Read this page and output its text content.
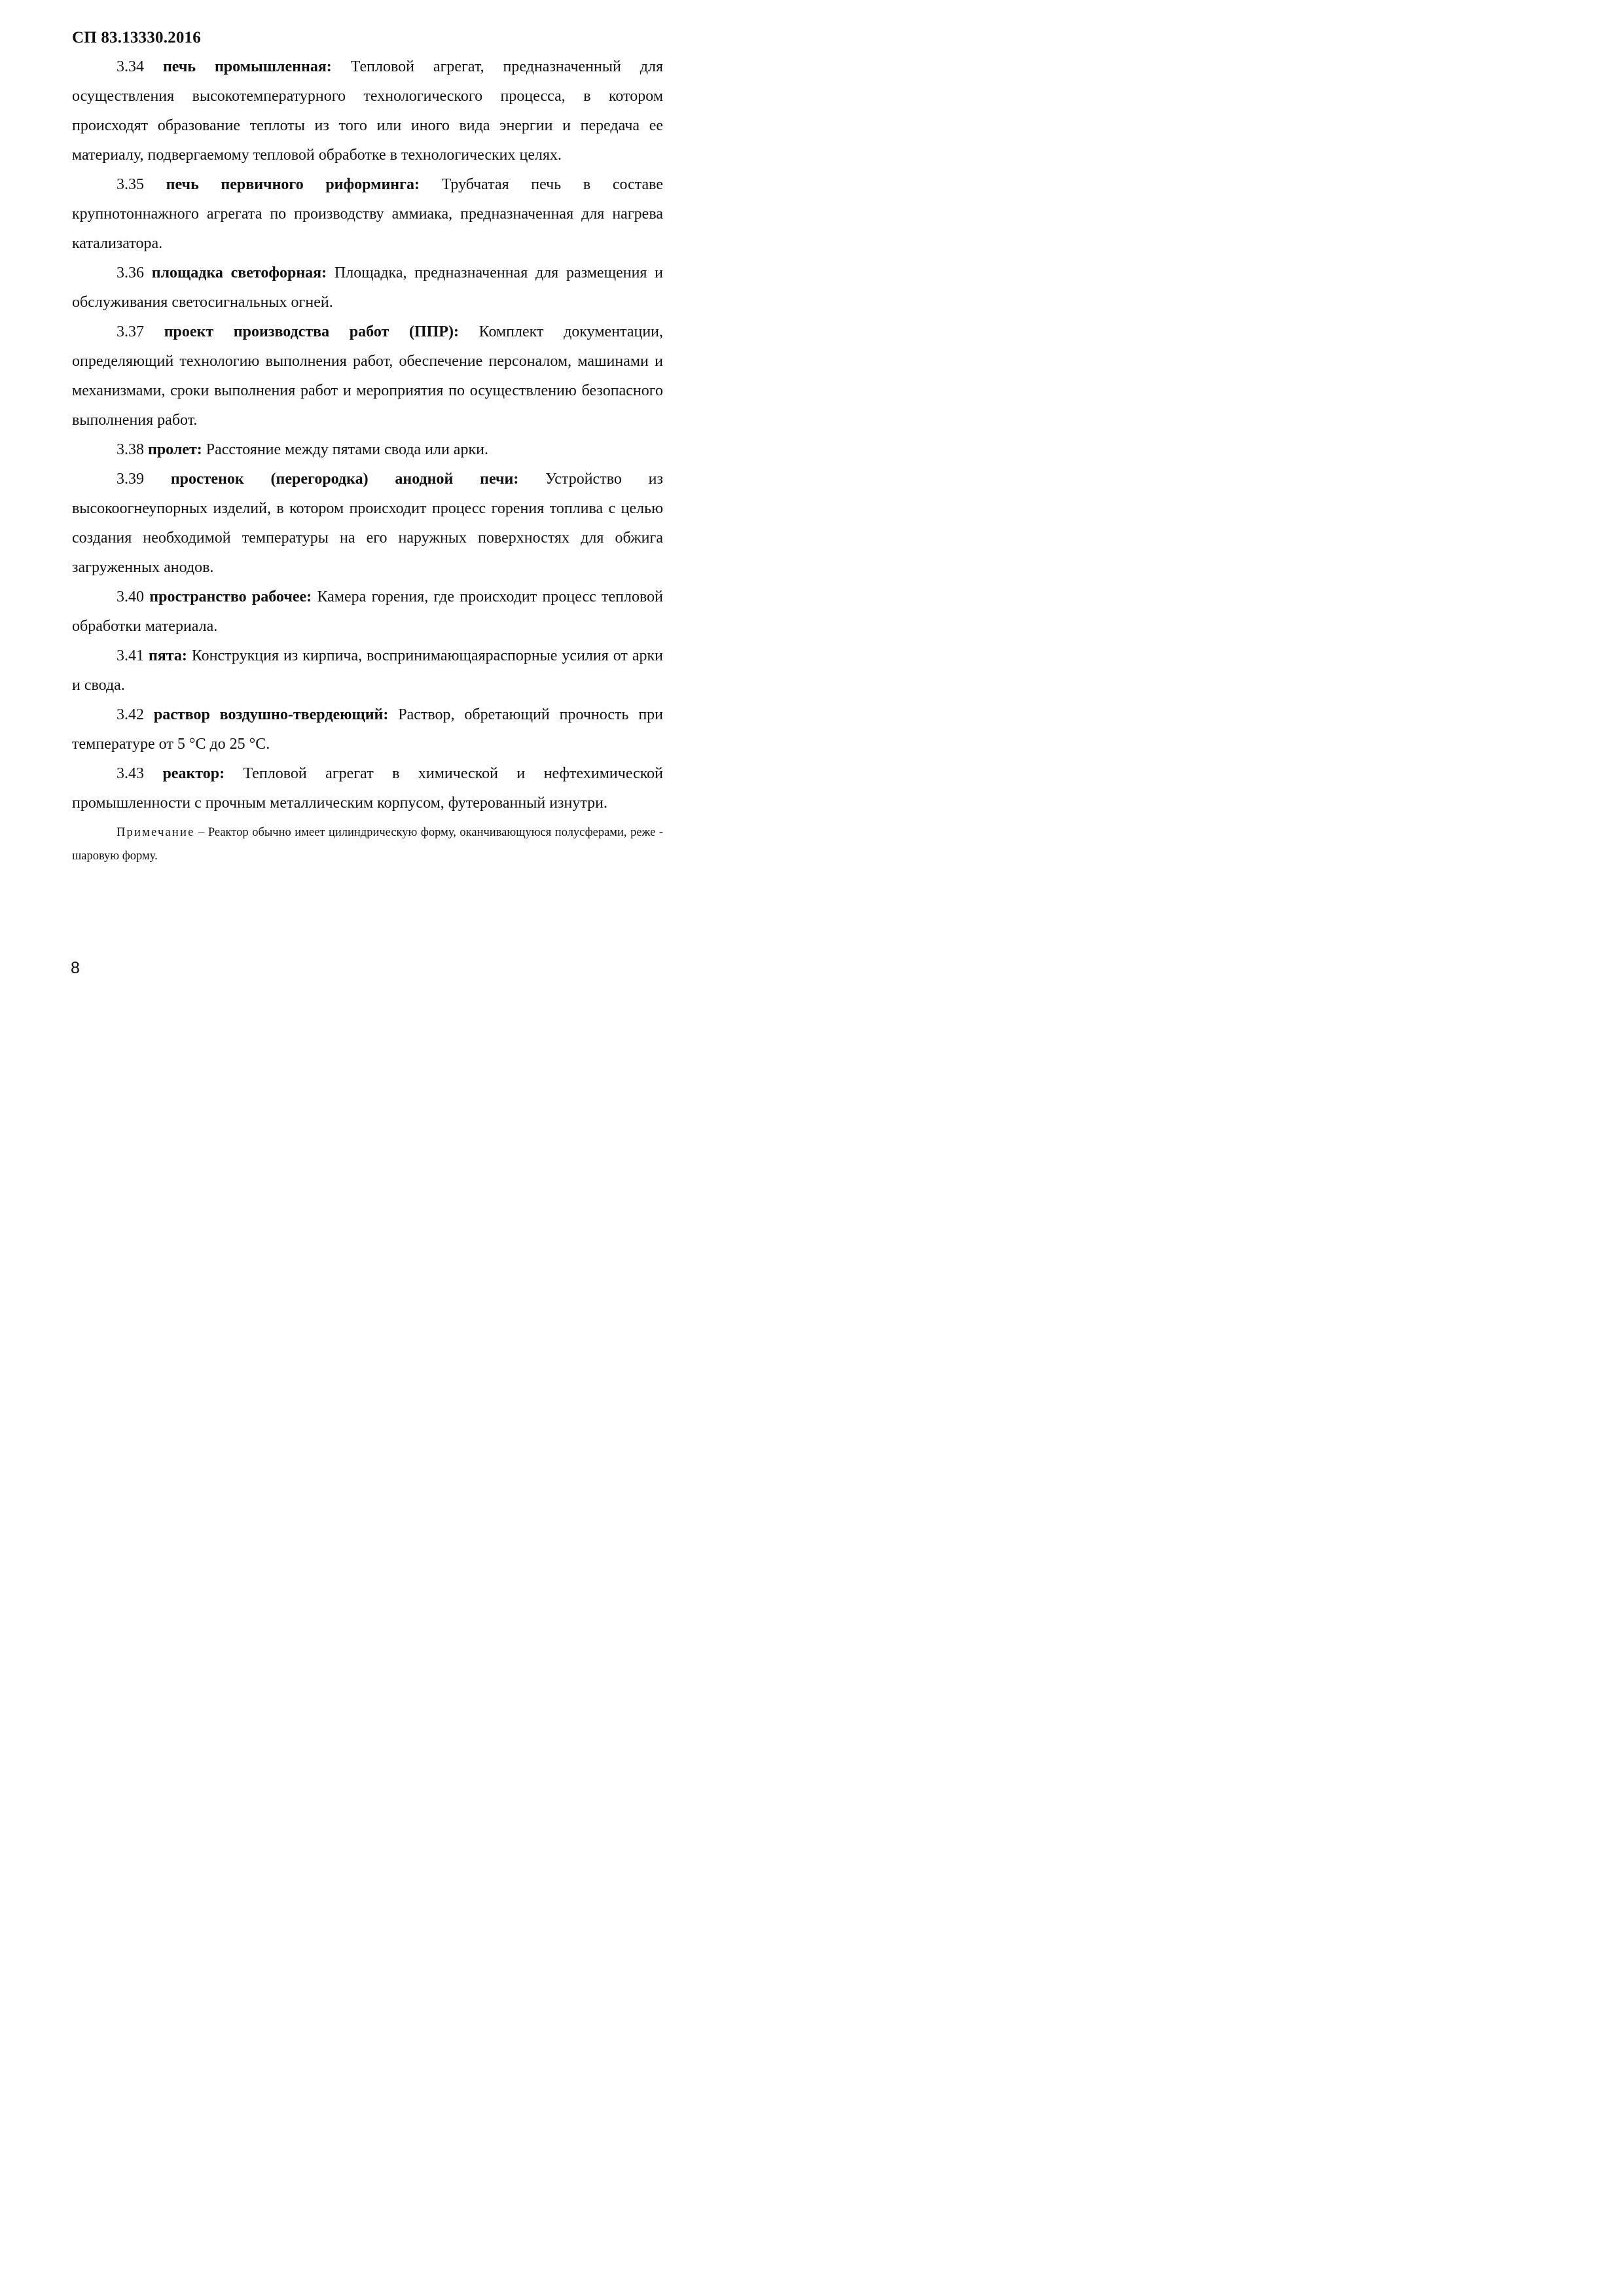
СП 83.13330.2016

3.34 печь промышленная: Тепловой агрегат, предназначенный для осуществления высокотемпературного технологического процесса, в котором происходят образование теплоты из того или иного вида энергии и передача ее материалу, подвергаемому тепловой обработке в технологических целях.

3.35 печь первичного риформинга: Трубчатая печь в составе крупнотоннажного агрегата по производству аммиака, предназначенная для нагрева катализатора.

3.36 площадка светофорная: Площадка, предназначенная для размещения и обслуживания светосигнальных огней.

3.37 проект производства работ (ППР): Комплект документации, определяющий технологию выполнения работ, обеспечение персоналом, машинами и механизмами, сроки выполнения работ и мероприятия по осуществлению безопасного выполнения работ.

3.38 пролет: Расстояние между пятами свода или арки.

3.39 простенок (перегородка) анодной печи: Устройство из высокоогнеупорных изделий, в котором происходит процесс горения топлива с целью создания необходимой температуры на его наружных поверхностях для обжига загруженных анодов.

3.40 пространство рабочее: Камера горения, где происходит процесс тепловой обработки материала.

3.41 пята: Конструкция из кирпича, воспринимающаяраспорные усилия от арки и свода.

3.42 раствор воздушно-твердеющий: Раствор, обретающий прочность при температуре от 5 °С до 25 °С.

3.43 реактор: Тепловой агрегат в химической и нефтехимической промышленности с прочным металлическим корпусом, футерованный изнутри.

Примечание – Реактор обычно имеет цилиндрическую форму, оканчивающуюся полусферами, реже - шаровую форму.

8
